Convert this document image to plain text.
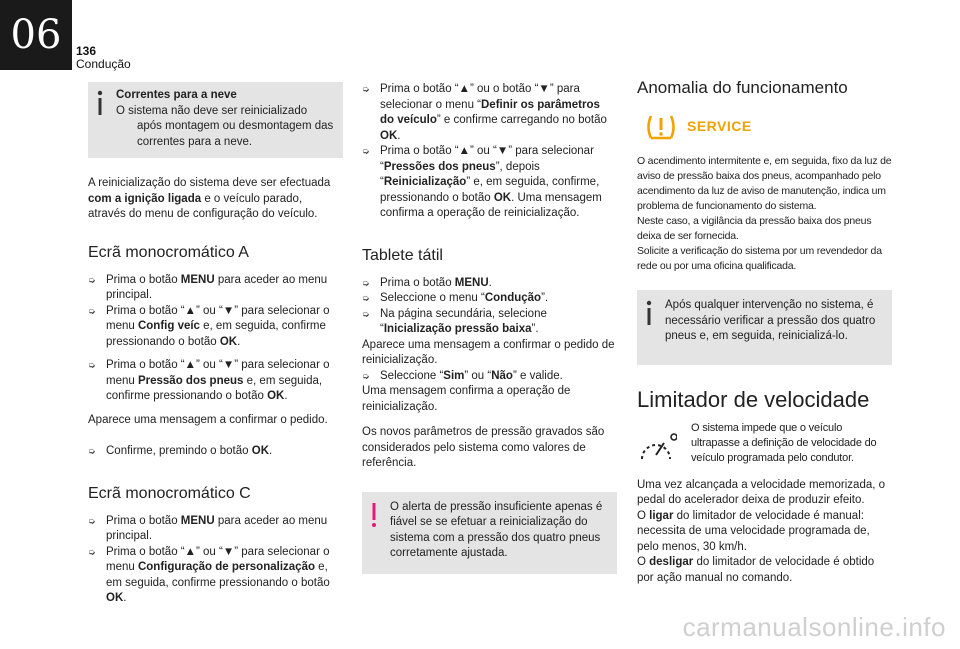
06	136
Condução

Correntes para a neve

O sistema não deve ser reinicializado após montagem ou desmontagem das correntes para a neve.

A reinicialização do sistema deve ser efectuada com a ignição ligada e o veículo parado, através do menu de configuração do veículo.

Ecrã monocromático A
➭ Prima o botão MENU para aceder ao menu principal.
➭ Prima o botão “▲” ou “▼” para selecionar o menu Config veíc e, em seguida, confirme pressionando o botão OK.
➭ Prima o botão “▲” ou “▼” para selecionar o menu Pressão dos pneus e, em seguida, confirme pressionando o botão OK.

Aparece uma mensagem a confirmar o pedido.

➭ Confirme, premindo o botão OK.
Ecrã monocromático C
➭ Prima o botão MENU para aceder ao menu principal.
➭ Prima o botão “▲” ou “▼” para selecionar o menu Configuração de personalização e, em seguida, confirme pressionando o botão OK.
➭ Prima o botão “▲” ou o botão “▼” para selecionar o menu “Definir os parâmetros do veículo” e confirme carregando no botão OK.
➭ Prima o botão “▲” ou “▼” para selecionar “Pressões dos pneus”, depois “Reinicialização” e, em seguida, confirme, pressionando o botão OK. Uma mensagem confirma a operação de reinicialização.
Tablete tátil
➭ Prima o botão MENU.
➭ Seleccione o menu “Condução”.
➭ Na página secundária, selecione “Inicialização pressão baixa”.

Aparece uma mensagem a confirmar o pedido de reinicialização.

➭ Seleccione “Sim” ou “Não” e valide.

Uma mensagem confirma a operação de reinicialização.

Os novos parâmetros de pressão gravados são considerados pelo sistema como valores de referência.

O alerta de pressão insuficiente apenas é fiável se se efetuar a reinicialização do sistema com a pressão dos quatro pneus corretamente ajustada.

Anomalia do funcionamento
SERVICE

O acendimento intermitente e, em seguida, fixo da luz de aviso de pressão baixa dos pneus, acompanhado pelo acendimento da luz de aviso de manutenção, indica um problema de funcionamento do sistema.

Neste caso, a vigilância da pressão baixa dos pneus deixa de ser fornecida.

Solicite a verificação do sistema por um revendedor da rede ou por uma oficina qualificada.

Após qualquer intervenção no sistema, é necessário verificar a pressão dos quatro pneus e, em seguida, reinicializá-lo.

Limitador de velocidade

O sistema impede que o veículo ultrapasse a definição de velocidade do veículo programada pelo condutor.

Uma vez alcançada a velocidade memorizada, o pedal do acelerador deixa de produzir efeito.

O ligar do limitador de velocidade é manual: necessita de uma velocidade programada de, pelo menos, 30 km/h.

O desligar do limitador de velocidade é obtido por ação manual no comando.

carmanualsonline.info
